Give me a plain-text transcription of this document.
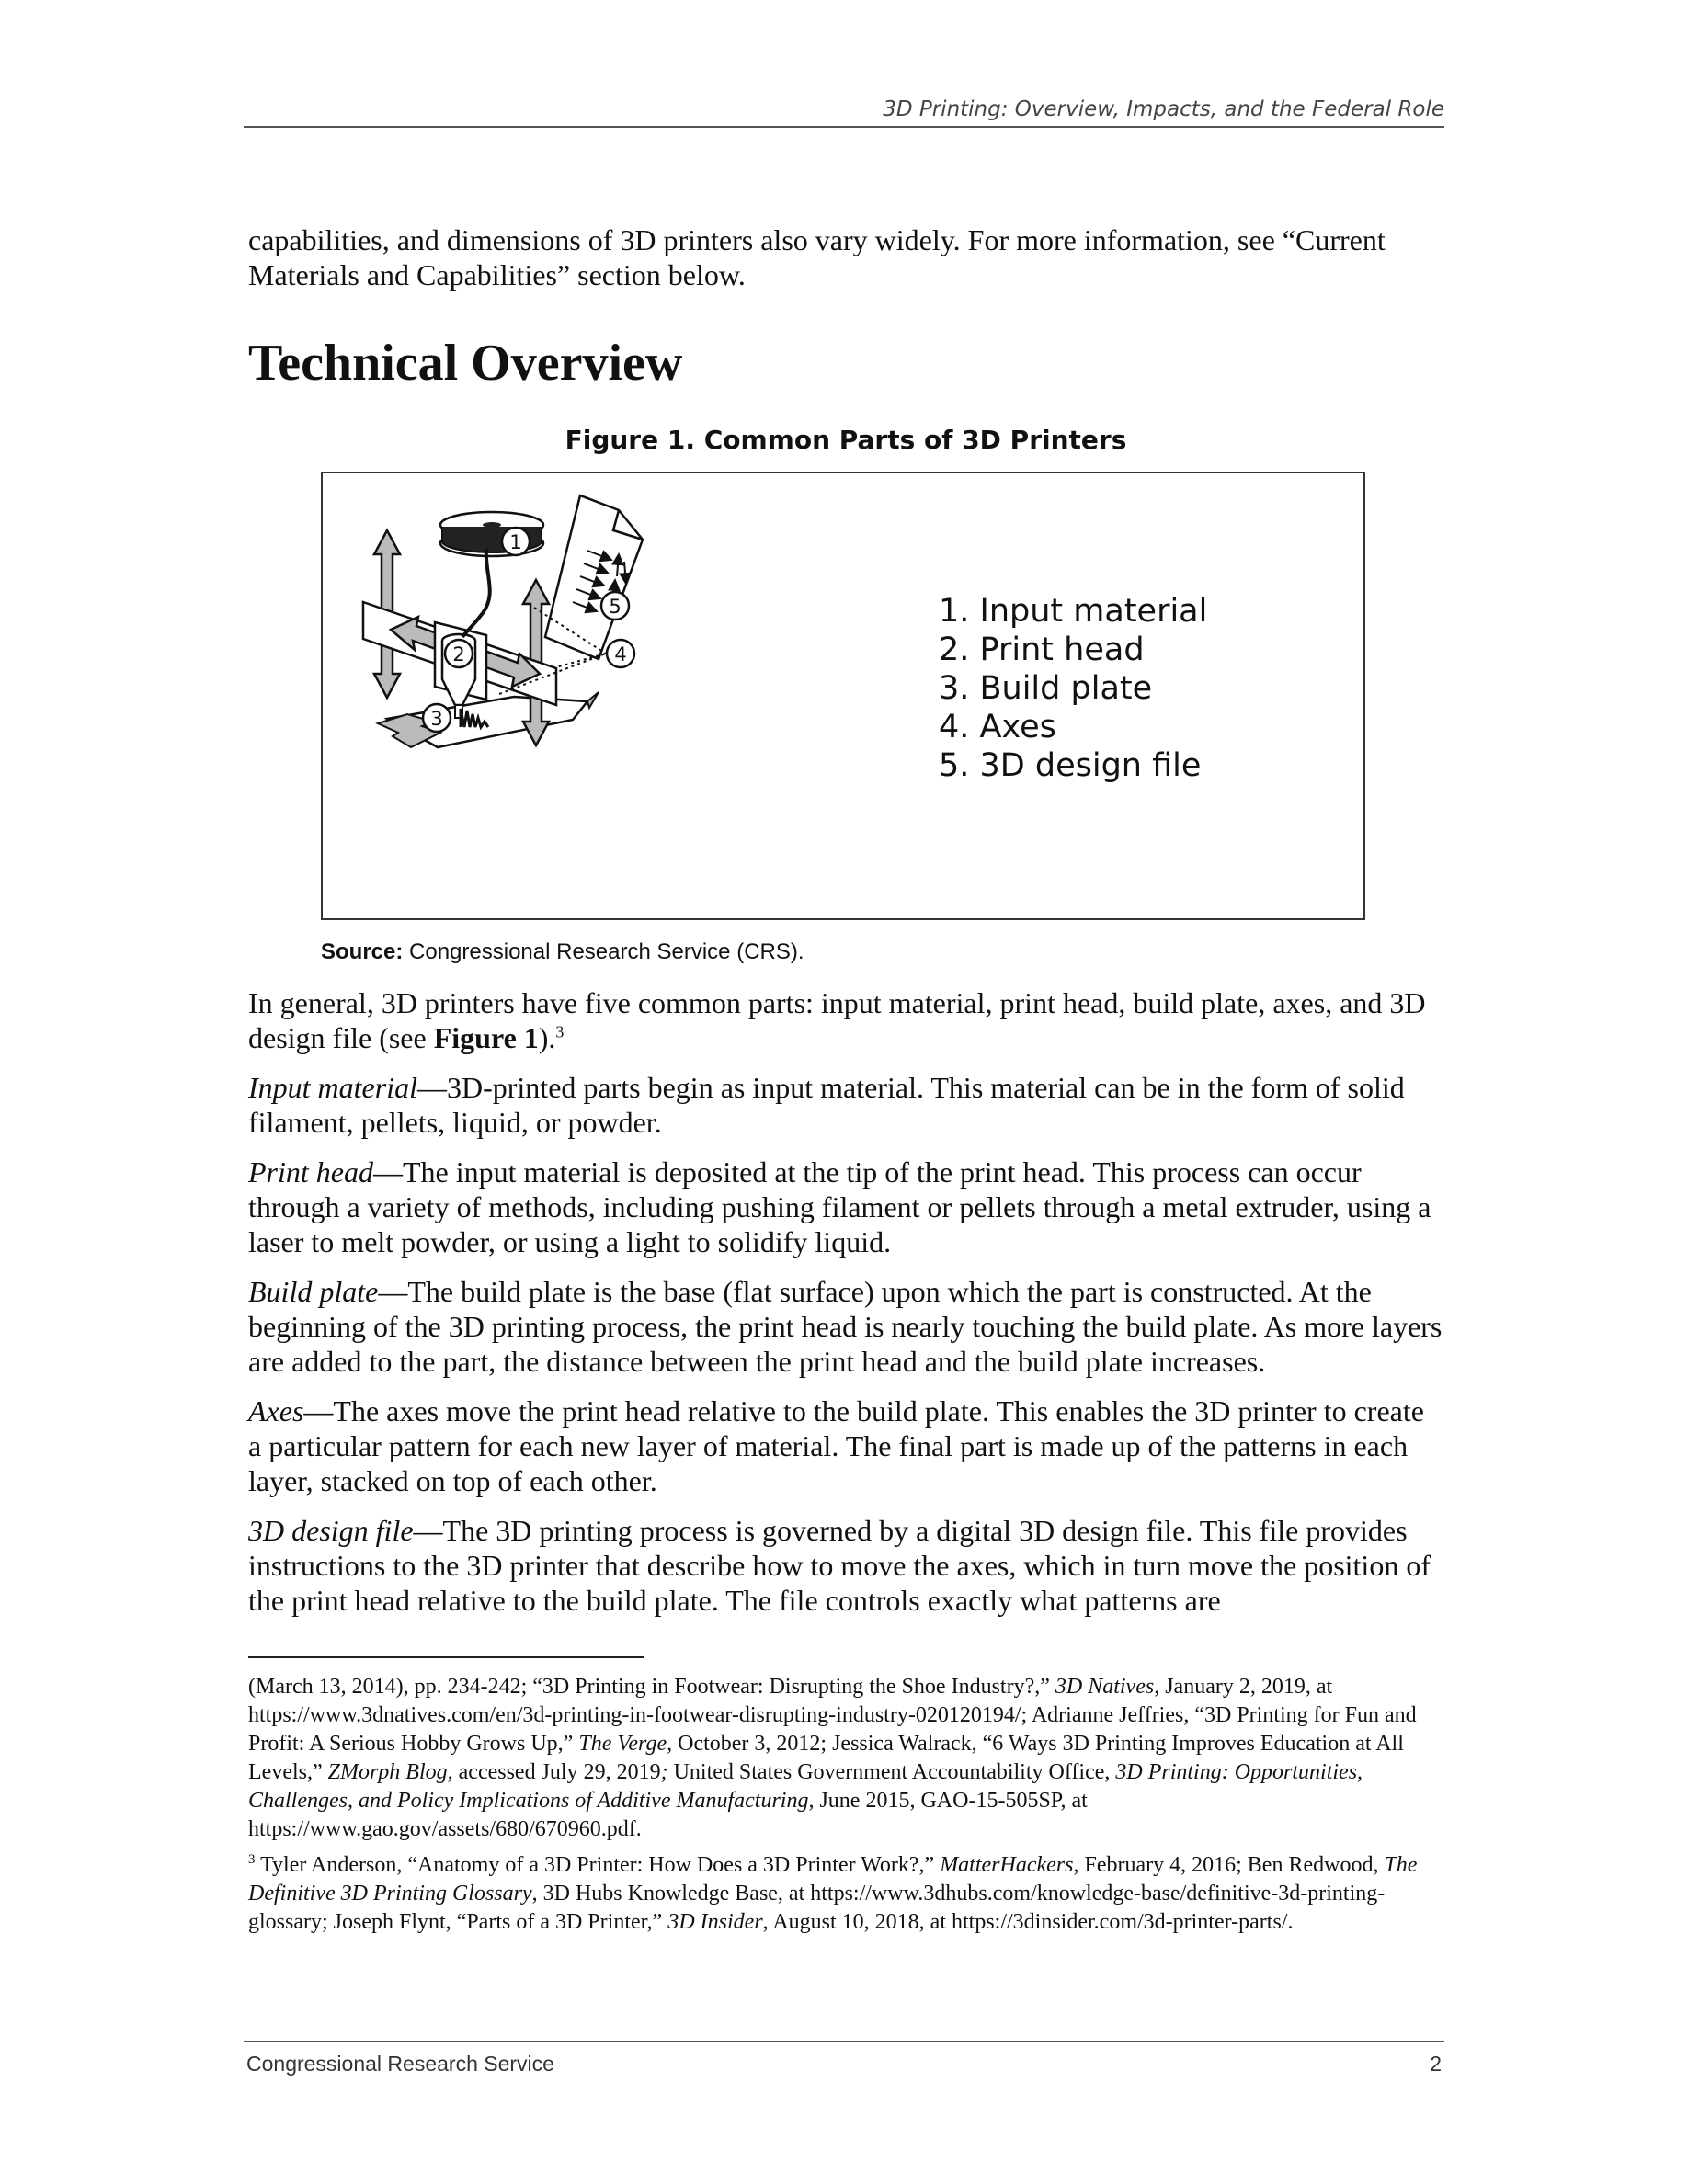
3D Printing: Overview, Impacts, and the Federal Role

capabilities, and dimensions of 3D printers also vary widely. For more information, see “Current Materials and Capabilities” section below.

Technical Overview
Figure 1. Common Parts of 3D Printers
1
2
3
4
5	1. Input material
2. Print head
3. Build plate
4. Axes
5. 3D design file
Source: Congressional Research Service (CRS).

In general, 3D printers have five common parts: input material, print head, build plate, axes, and 3D design file (see Figure 1).$^3$

Input material—3D-printed parts begin as input material. This material can be in the form of solid filament, pellets, liquid, or powder.

Print head—The input material is deposited at the tip of the print head. This process can occur through a variety of methods, including pushing filament or pellets through a metal extruder, using a laser to melt powder, or using a light to solidify liquid.

Build plate—The build plate is the base (flat surface) upon which the part is constructed. At the beginning of the 3D printing process, the print head is nearly touching the build plate. As more layers are added to the part, the distance between the print head and the build plate increases.

Axes—The axes move the print head relative to the build plate. This enables the 3D printer to create a particular pattern for each new layer of material. The final part is made up of the patterns in each layer, stacked on top of each other.

3D design file—The 3D printing process is governed by a digital 3D design file. This file provides instructions to the 3D printer that describe how to move the axes, which in turn move the position of the print head relative to the build plate. The file controls exactly what patterns are

(March 13, 2014), pp. 234-242; “3D Printing in Footwear: Disrupting the Shoe Industry?,” 3D Natives, January 2, 2019, at https://www.3dnatives.com/en/3d-printing-in-footwear-disrupting-industry-020120194/; Adrianne Jeffries, “3D Printing for Fun and Profit: A Serious Hobby Grows Up,” The Verge, October 3, 2012; Jessica Walrack, “6 Ways 3D Printing Improves Education at All Levels,” ZMorph Blog, accessed July 29, 2019; United States Government Accountability Office, 3D Printing: Opportunities, Challenges, and Policy Implications of Additive Manufacturing, June 2015, GAO-15-505SP, at https://www.gao.gov/assets/680/670960.pdf.

$^3$ Tyler Anderson, “Anatomy of a 3D Printer: How Does a 3D Printer Work?,” MatterHackers, February 4, 2016; Ben Redwood, The Definitive 3D Printing Glossary, 3D Hubs Knowledge Base, at https://www.3dhubs.com/knowledge-base/definitive-3d-printing-glossary; Joseph Flynt, “Parts of a 3D Printer,” 3D Insider, August 10, 2018, at https://3dinsider.com/3d-printer-parts/.

Congressional Research Service	2
